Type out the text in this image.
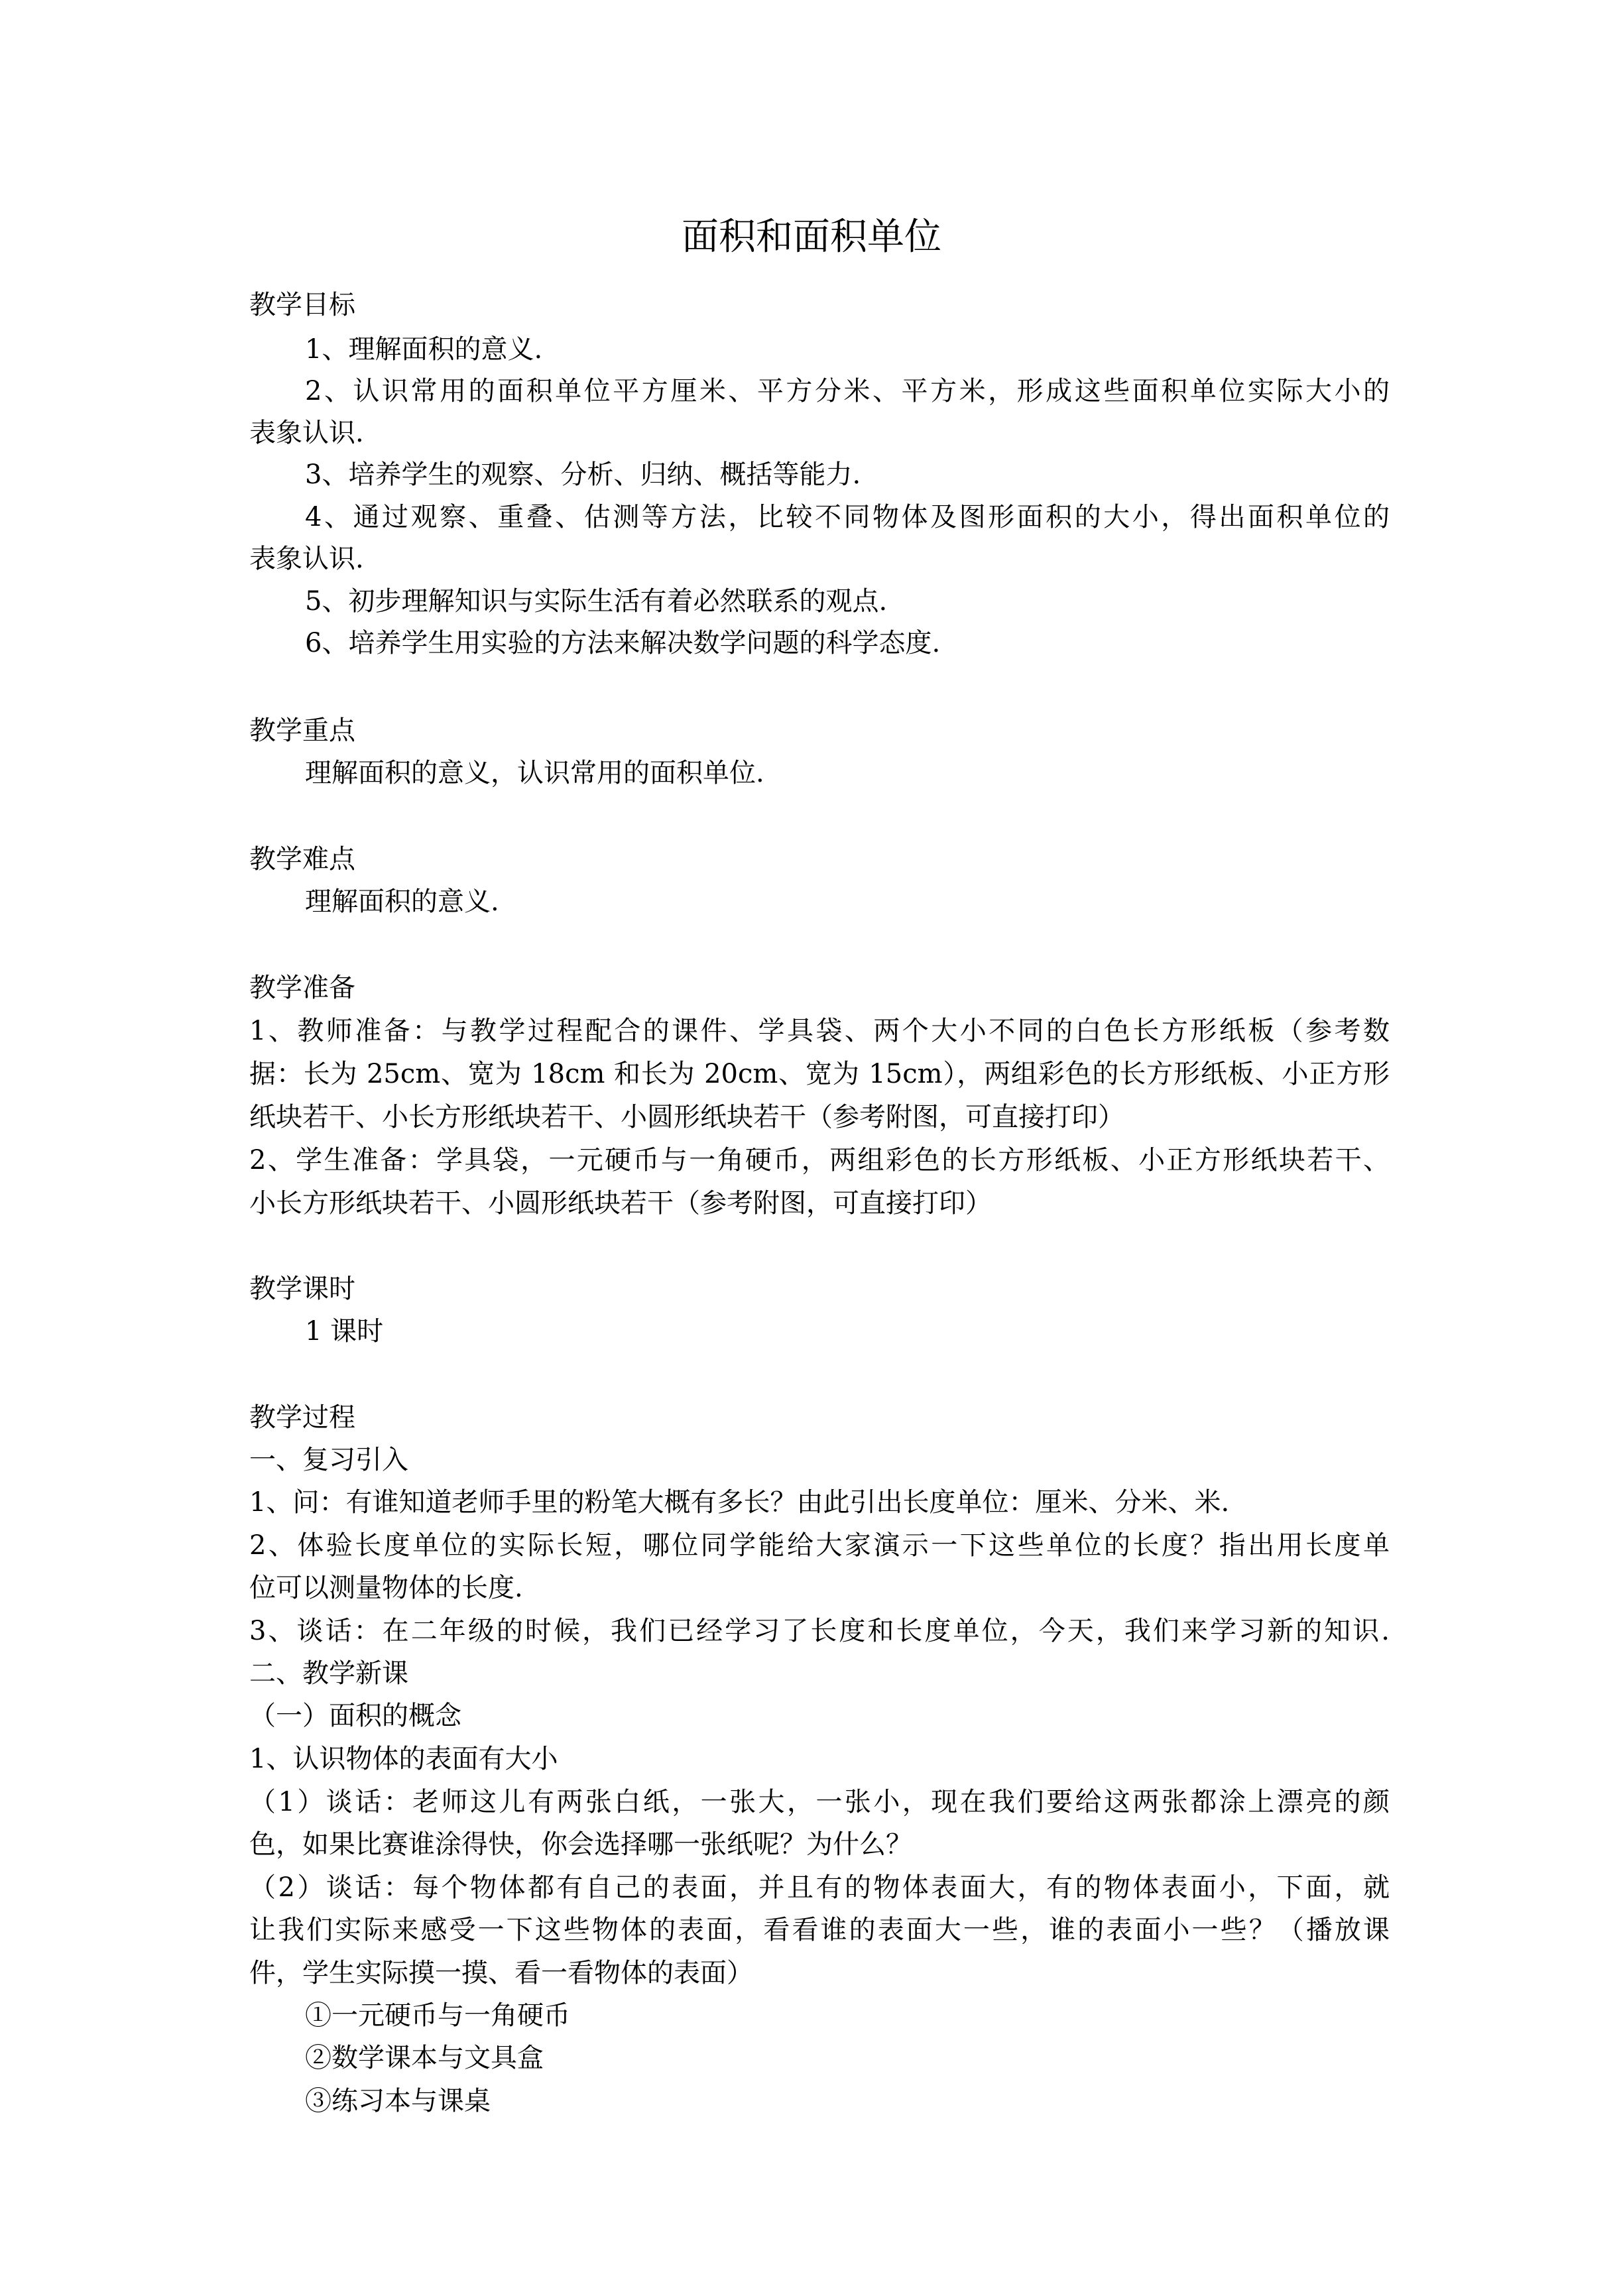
面积和面积单位
教学目标
1、理解面积的意义.
2、认识常用的面积单位平方厘米、平方分米、平方米，形成这些面积单位实际大小的
表象认识.
3、培养学生的观察、分析、归纳、概括等能力.
4、通过观察、重叠、估测等方法，比较不同物体及图形面积的大小，得出面积单位的
表象认识.
5、初步理解知识与实际生活有着必然联系的观点.
6、培养学生用实验的方法来解决数学问题的科学态度.
教学重点
理解面积的意义，认识常用的面积单位.
教学难点
理解面积的意义.
教学准备
1、教师准备：与教学过程配合的课件、学具袋、两个大小不同的白色长方形纸板（参考数
据：长为 25cm、宽为 18cm 和长为 20cm、宽为 15cm），两组彩色的长方形纸板、小正方形
纸块若干、小长方形纸块若干、小圆形纸块若干（参考附图，可直接打印）
2、学生准备：学具袋，一元硬币与一角硬币，两组彩色的长方形纸板、小正方形纸块若干、
小长方形纸块若干、小圆形纸块若干（参考附图，可直接打印）
教学课时
1 课时
教学过程
一、复习引入
1、问：有谁知道老师手里的粉笔大概有多长？由此引出长度单位：厘米、分米、米.
2、体验长度单位的实际长短，哪位同学能给大家演示一下这些单位的长度？指出用长度单
位可以测量物体的长度.
3、谈话：在二年级的时候，我们已经学习了长度和长度单位，今天，我们来学习新的知识.
二、教学新课
（一）面积的概念
1、认识物体的表面有大小
（1）谈话：老师这儿有两张白纸，一张大，一张小，现在我们要给这两张都涂上漂亮的颜
色，如果比赛谁涂得快，你会选择哪一张纸呢？为什么？
（2）谈话：每个物体都有自己的表面，并且有的物体表面大，有的物体表面小，下面，就
让我们实际来感受一下这些物体的表面，看看谁的表面大一些，谁的表面小一些？（播放课
件，学生实际摸一摸、看一看物体的表面）
①一元硬币与一角硬币
②数学课本与文具盒
③练习本与课桌
